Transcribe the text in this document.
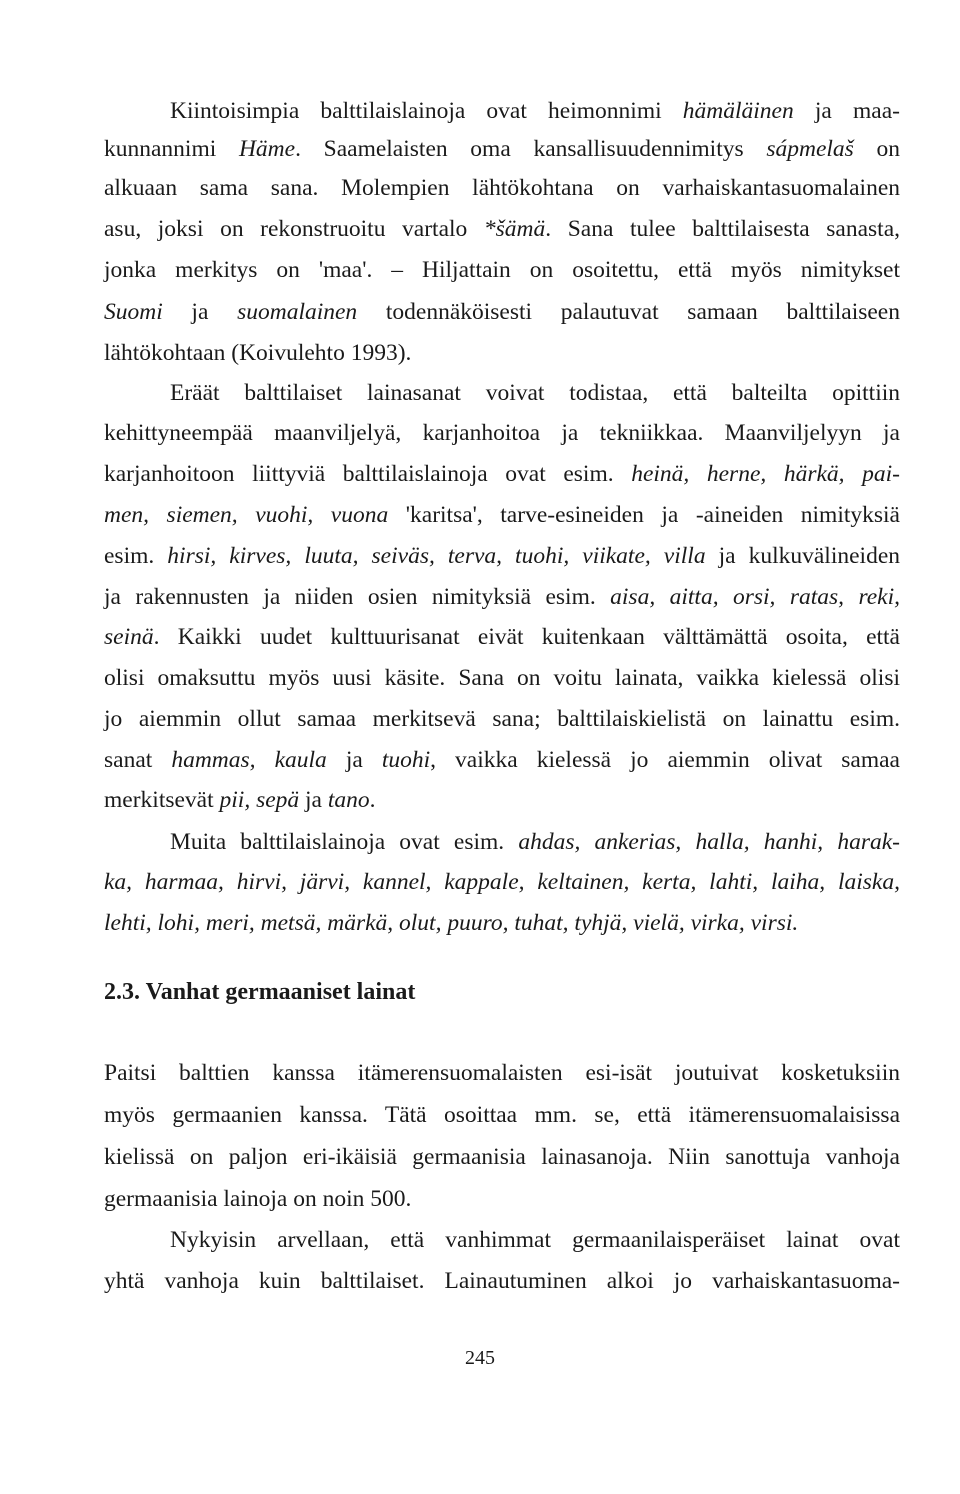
Kiintoisimpia balttilaislainoja ovat heimonnimi hämäläinen ja maa-
kunnannimi Häme. Saamelaisten oma kansallisuudennimitys sápmelaš on
alkuaan sama sana. Molempien lähtökohtana on varhaiskantasuomalainen
asu, joksi on rekonstruoitu vartalo *šämä. Sana tulee balttilaisesta sanasta,
jonka merkitys on 'maa'. – Hiljattain on osoitettu, että myös nimitykset
Suomi ja suomalainen todennäköisesti palautuvat samaan balttilaiseen
lähtökohtaan (Koivulehto 1993).
Eräät balttilaiset lainasanat voivat todistaa, että balteilta opittiin
kehittyneempää maanviljelyä, karjanhoitoa ja tekniikkaa. Maanviljelyyn ja
karjanhoitoon liittyviä balttilaislainoja ovat esim. heinä, herne, härkä, pai-
men, siemen, vuohi, vuona 'karitsa', tarve-esineiden ja -aineiden nimityksiä
esim. hirsi, kirves, luuta, seiväs, terva, tuohi, viikate, villa ja kulkuvälineiden
ja rakennusten ja niiden osien nimityksiä esim. aisa, aitta, orsi, ratas, reki,
seinä. Kaikki uudet kulttuurisanat eivät kuitenkaan välttämättä osoita, että
olisi omaksuttu myös uusi käsite. Sana on voitu lainata, vaikka kielessä olisi
jo aiemmin ollut samaa merkitsevä sana; balttilaiskielistä on lainattu esim.
sanat hammas, kaula ja tuohi, vaikka kielessä jo aiemmin olivat samaa
merkitsevät pii, sepä ja tano.
Muita balttilaislainoja ovat esim. ahdas, ankerias, halla, hanhi, harak-
ka, harmaa, hirvi, järvi, kannel, kappale, keltainen, kerta, lahti, laiha, laiska,
lehti, lohi, meri, metsä, märkä, olut, puuro, tuhat, tyhjä, vielä, virka, virsi.
2.3. Vanhat germaaniset lainat
Paitsi balttien kanssa itämerensuomalaisten esi-isät joutuivat kosketuksiin
myös germaanien kanssa. Tätä osoittaa mm. se, että itämerensuomalaisissa
kielissä on paljon eri-ikäisiä germaanisia lainasanoja. Niin sanottuja vanhoja
germaanisia lainoja on noin 500.
Nykyisin arvellaan, että vanhimmat germaanilaisperäiset lainat ovat
yhtä vanhoja kuin balttilaiset. Lainautuminen alkoi jo varhaiskantasuoma-
245
